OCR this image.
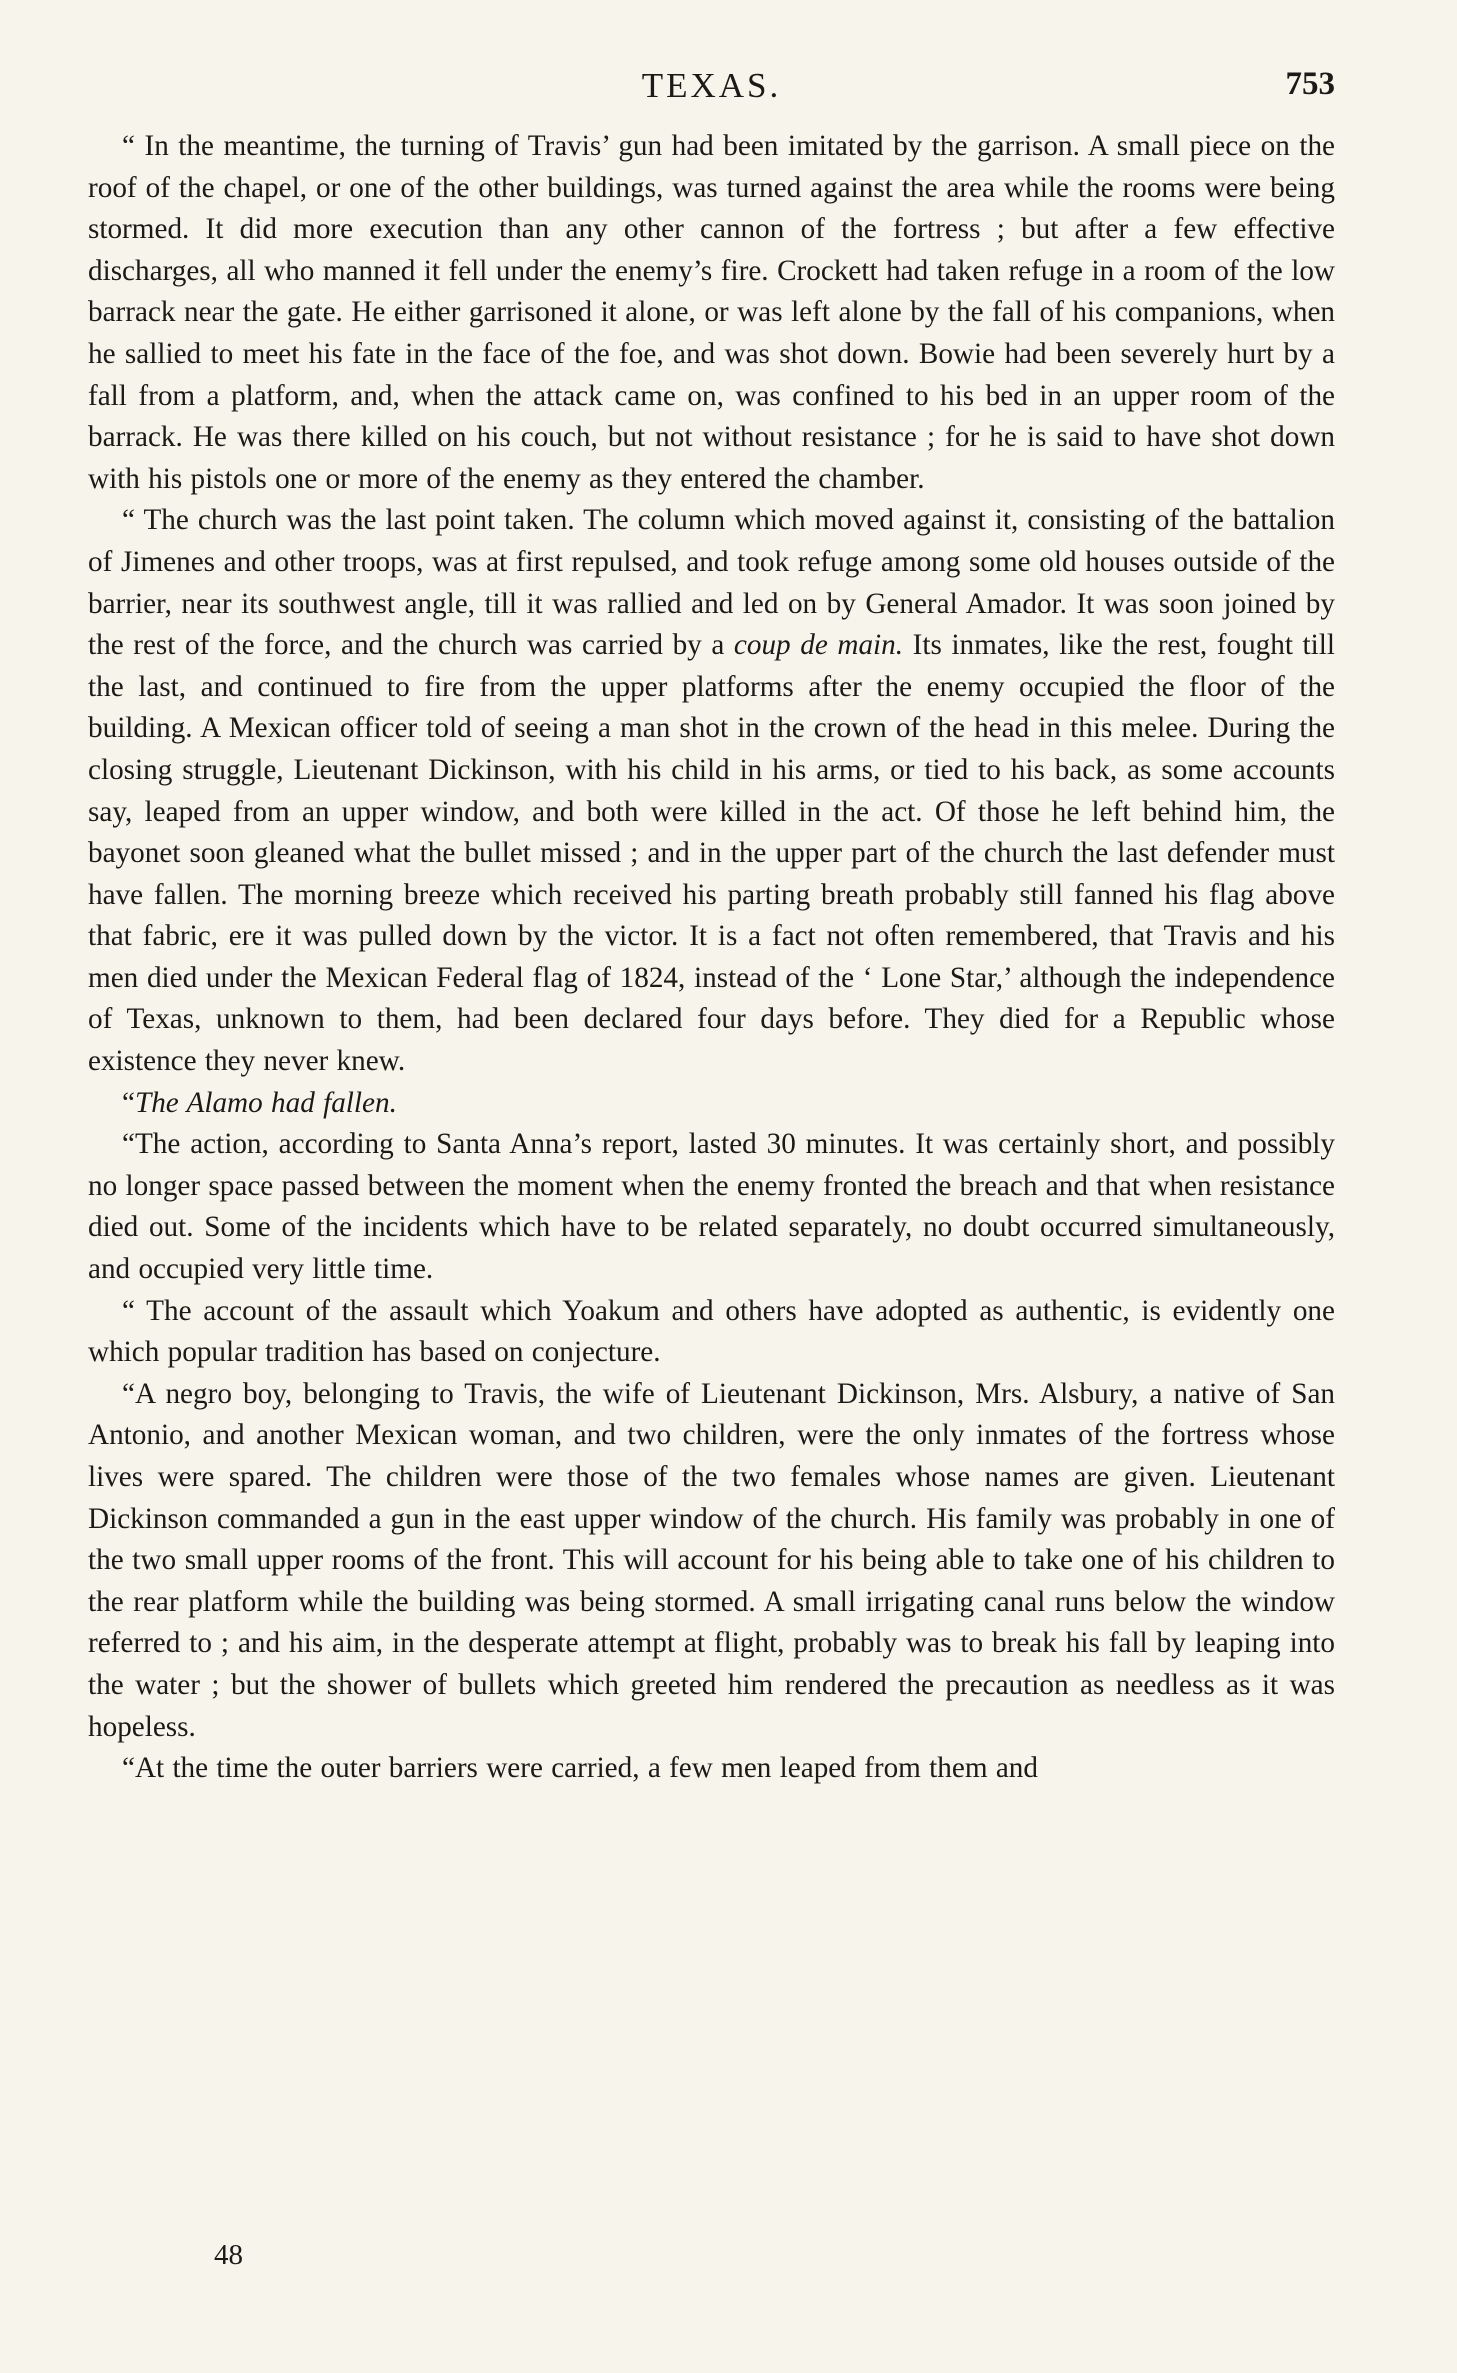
TEXAS.	753

“ In the meantime, the turning of Travis’ gun had been imitated by the garrison. A small piece on the roof of the chapel, or one of the other buildings, was turned against the area while the rooms were being stormed. It did more execution than any other cannon of the fortress ; but after a few effective discharges, all who manned it fell under the enemy’s fire. Crockett had taken refuge in a room of the low barrack near the gate. He either garrisoned it alone, or was left alone by the fall of his companions, when he sallied to meet his fate in the face of the foe, and was shot down. Bowie had been severely hurt by a fall from a platform, and, when the attack came on, was confined to his bed in an upper room of the barrack. He was there killed on his couch, but not without resistance ; for he is said to have shot down with his pistols one or more of the enemy as they entered the chamber.

“ The church was the last point taken. The column which moved against it, consisting of the battalion of Jimenes and other troops, was at first repulsed, and took refuge among some old houses outside of the barrier, near its southwest angle, till it was rallied and led on by General Amador. It was soon joined by the rest of the force, and the church was carried by a coup de main. Its inmates, like the rest, fought till the last, and continued to fire from the upper platforms after the enemy occupied the floor of the building. A Mexican officer told of seeing a man shot in the crown of the head in this melee. During the closing struggle, Lieutenant Dickinson, with his child in his arms, or tied to his back, as some accounts say, leaped from an upper window, and both were killed in the act. Of those he left behind him, the bayonet soon gleaned what the bullet missed ; and in the upper part of the church the last defender must have fallen. The morning breeze which received his parting breath probably still fanned his flag above that fabric, ere it was pulled down by the victor. It is a fact not often remembered, that Travis and his men died under the Mexican Federal flag of 1824, instead of the ‘ Lone Star,’ although the independence of Texas, unknown to them, had been declared four days before. They died for a Republic whose existence they never knew.

“The Alamo had fallen.

“The action, according to Santa Anna’s report, lasted 30 minutes. It was certainly short, and possibly no longer space passed between the moment when the enemy fronted the breach and that when resistance died out. Some of the incidents which have to be related separately, no doubt occurred simultaneously, and occupied very little time.

“ The account of the assault which Yoakum and others have adopted as authentic, is evidently one which popular tradition has based on conjecture.

“A negro boy, belonging to Travis, the wife of Lieutenant Dickinson, Mrs. Alsbury, a native of San Antonio, and another Mexican woman, and two children, were the only inmates of the fortress whose lives were spared. The children were those of the two females whose names are given. Lieutenant Dickinson commanded a gun in the east upper window of the church. His family was probably in one of the two small upper rooms of the front. This will account for his being able to take one of his children to the rear platform while the building was being stormed. A small irrigating canal runs below the window referred to ; and his aim, in the desperate attempt at flight, probably was to break his fall by leaping into the water ; but the shower of bullets which greeted him rendered the precaution as needless as it was hopeless.

“At the time the outer barriers were carried, a few men leaped from them and

48
